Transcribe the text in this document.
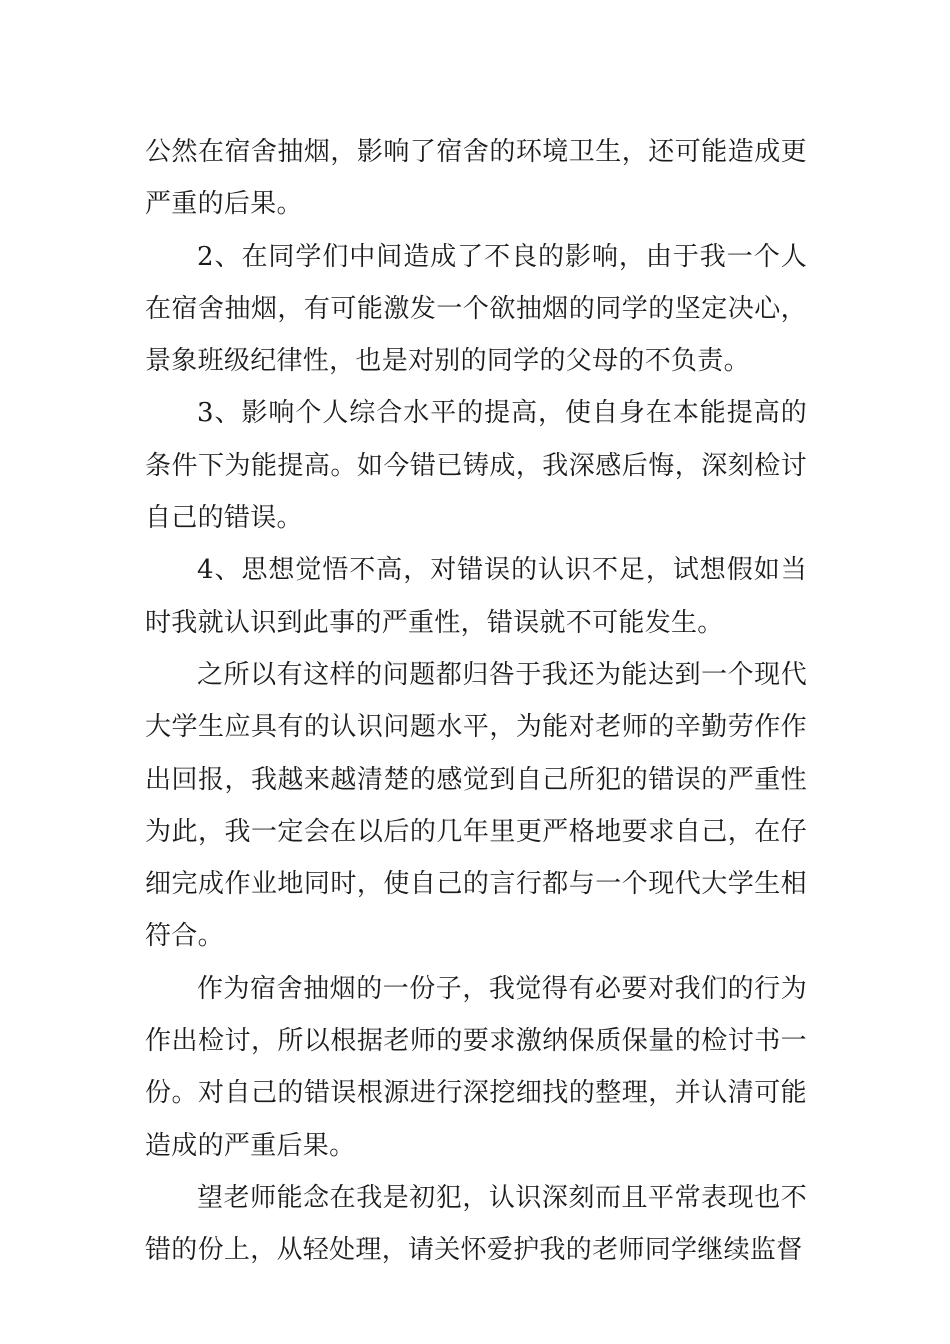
公然在宿舍抽烟，影响了宿舍的环境卫生，还可能造成更严重的后果。

2、在同学们中间造成了不良的影响，由于我一个人在宿舍抽烟，有可能激发一个欲抽烟的同学的坚定决心，景象班级纪律性，也是对别的同学的父母的不负责。

3、影响个人综合水平的提高，使自身在本能提高的条件下为能提高。如今错已铸成，我深感后悔，深刻检讨自己的错误。

4、思想觉悟不高，对错误的认识不足，试想假如当时我就认识到此事的严重性，错误就不可能发生。

之所以有这样的问题都归咎于我还为能达到一个现代大学生应具有的认识问题水平，为能对老师的辛勤劳作作出回报，我越来越清楚的感觉到自己所犯的错误的严重性为此，我一定会在以后的几年里更严格地要求自己，在仔细完成作业地同时，使自己的言行都与一个现代大学生相符合。

作为宿舍抽烟的一份子，我觉得有必要对我们的行为作出检讨，所以根据老师的要求激纳保质保量的检讨书一份。对自己的错误根源进行深挖细找的整理，并认清可能造成的严重后果。

望老师能念在我是初犯，认识深刻而且平常表现也不错的份上，从轻处理，请关怀爱护我的老师同学继续监督
